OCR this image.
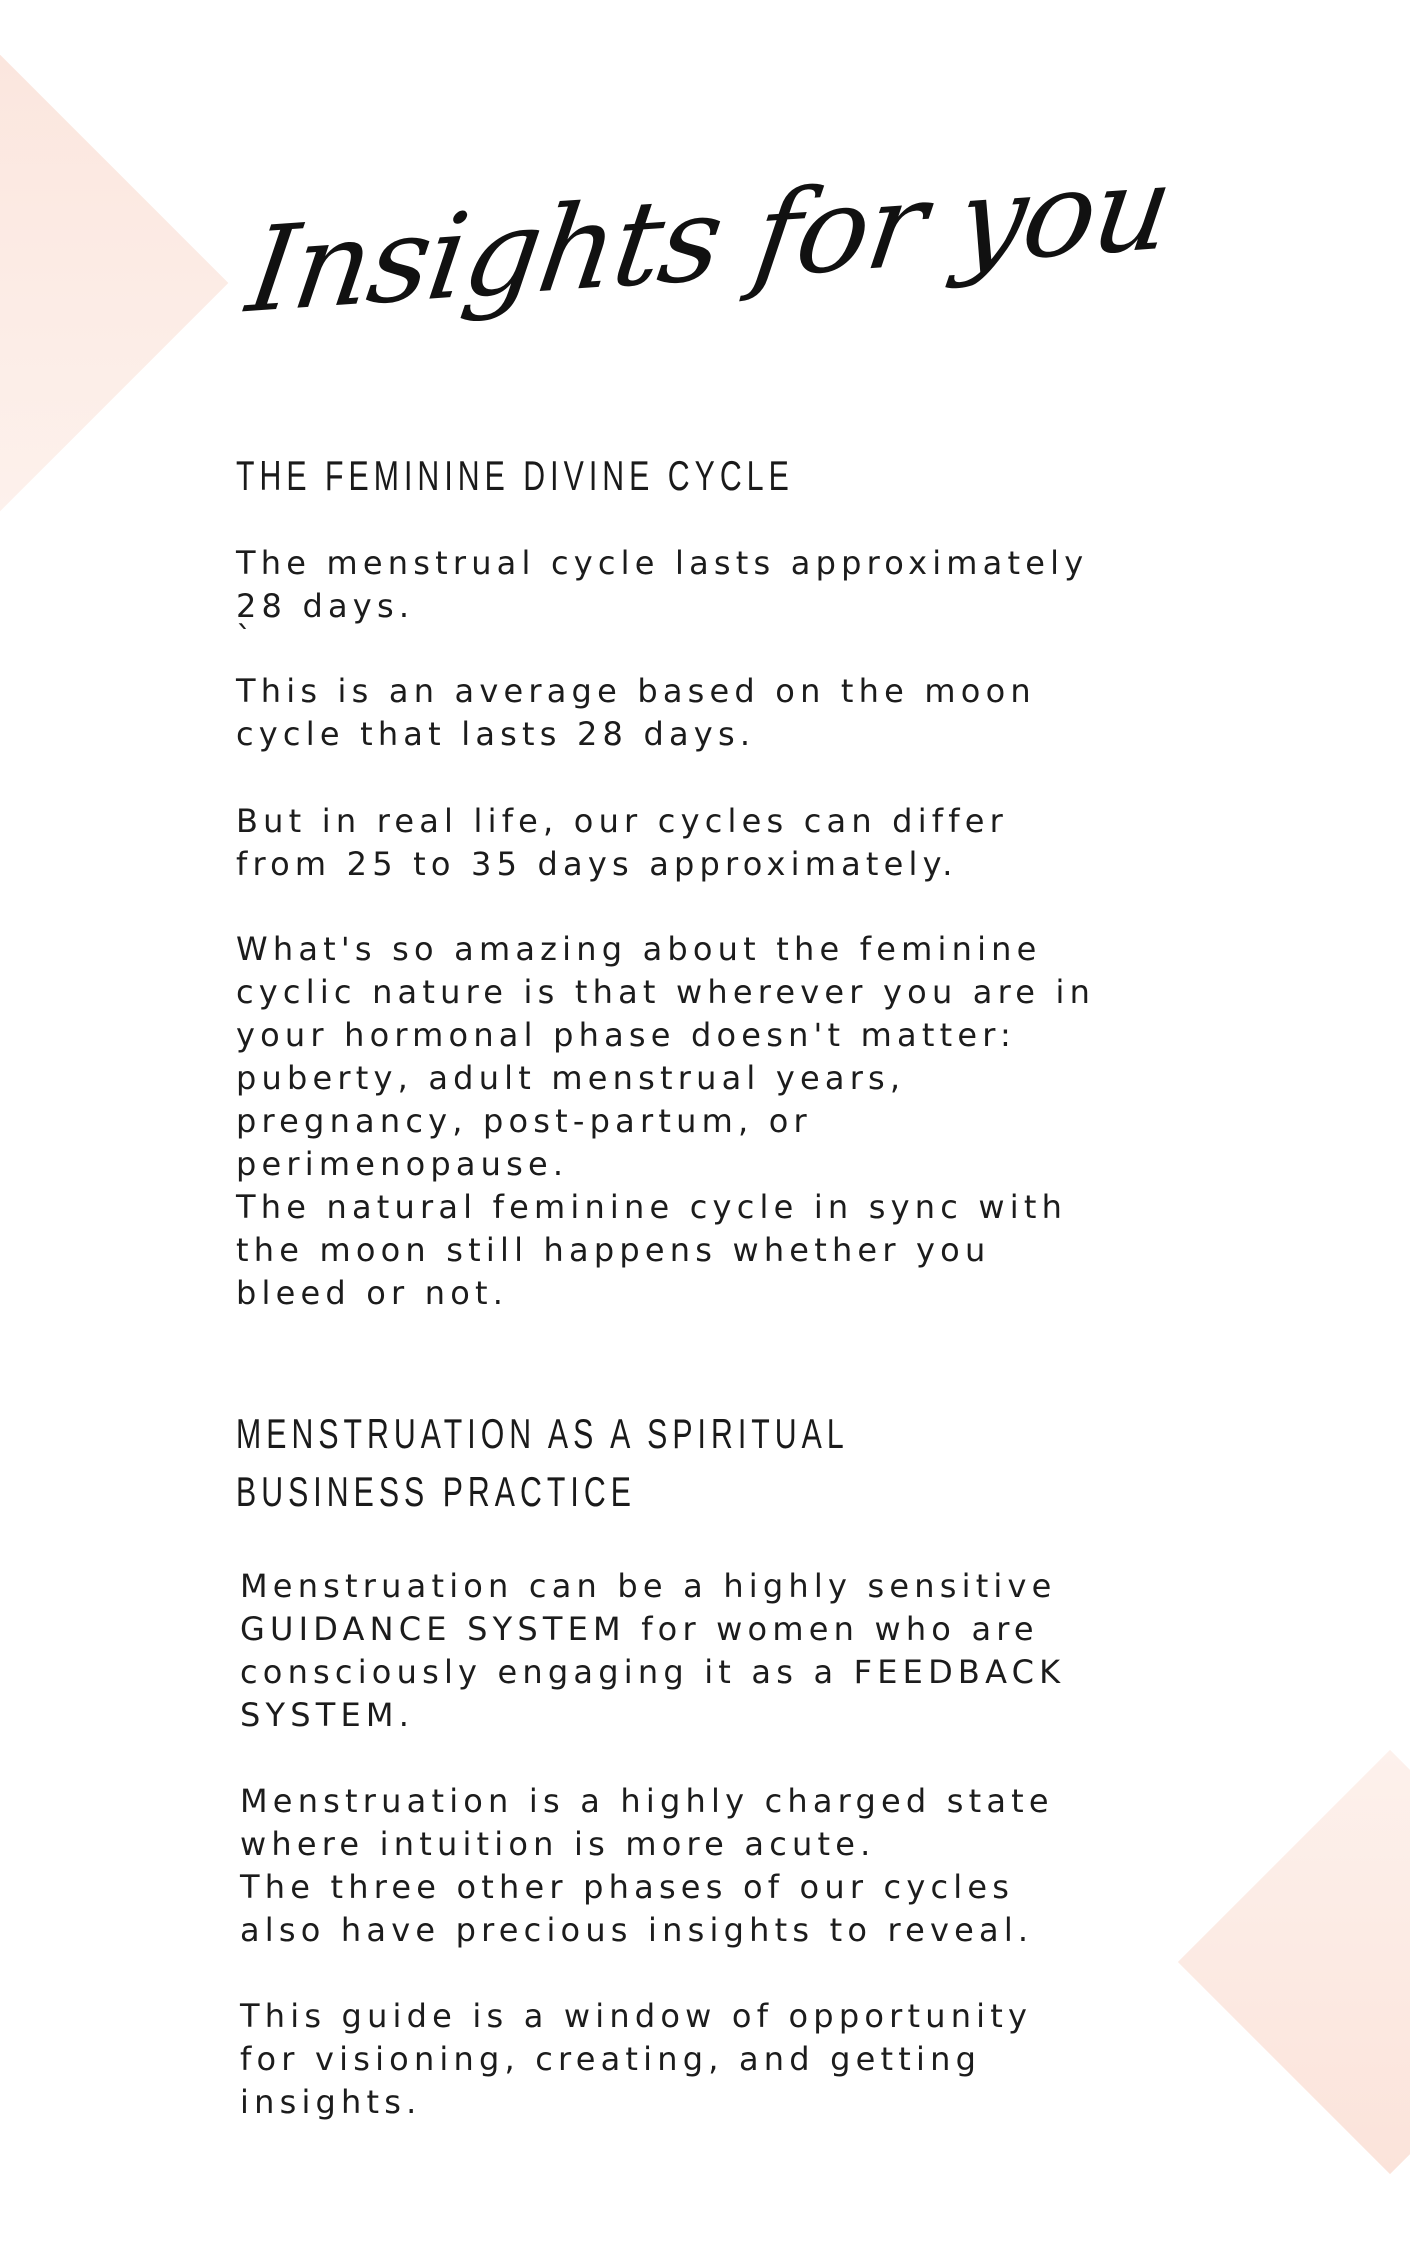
Insights for you
THE FEMININE DIVINE CYCLE

The menstrual cycle lasts approximately
28 days.
`

This is an average based on the moon
cycle that lasts 28 days.

But in real life, our cycles can differ
from 25 to 35 days approximately.

What's so amazing about the feminine
cyclic nature is that wherever you are in
your hormonal phase doesn't matter:
puberty, adult menstrual years,
pregnancy, post-partum, or
perimenopause.
The natural feminine cycle in sync with
the moon still happens whether you
bleed or not.

MENSTRUATION AS A SPIRITUAL
BUSINESS PRACTICE

Menstruation can be a highly sensitive
GUIDANCE SYSTEM for women who are
consciously engaging it as a FEEDBACK
SYSTEM.

Menstruation is a highly charged state
where intuition is more acute.
The three other phases of our cycles
also have precious insights to reveal.

This guide is a window of opportunity
for visioning, creating, and getting
insights.
